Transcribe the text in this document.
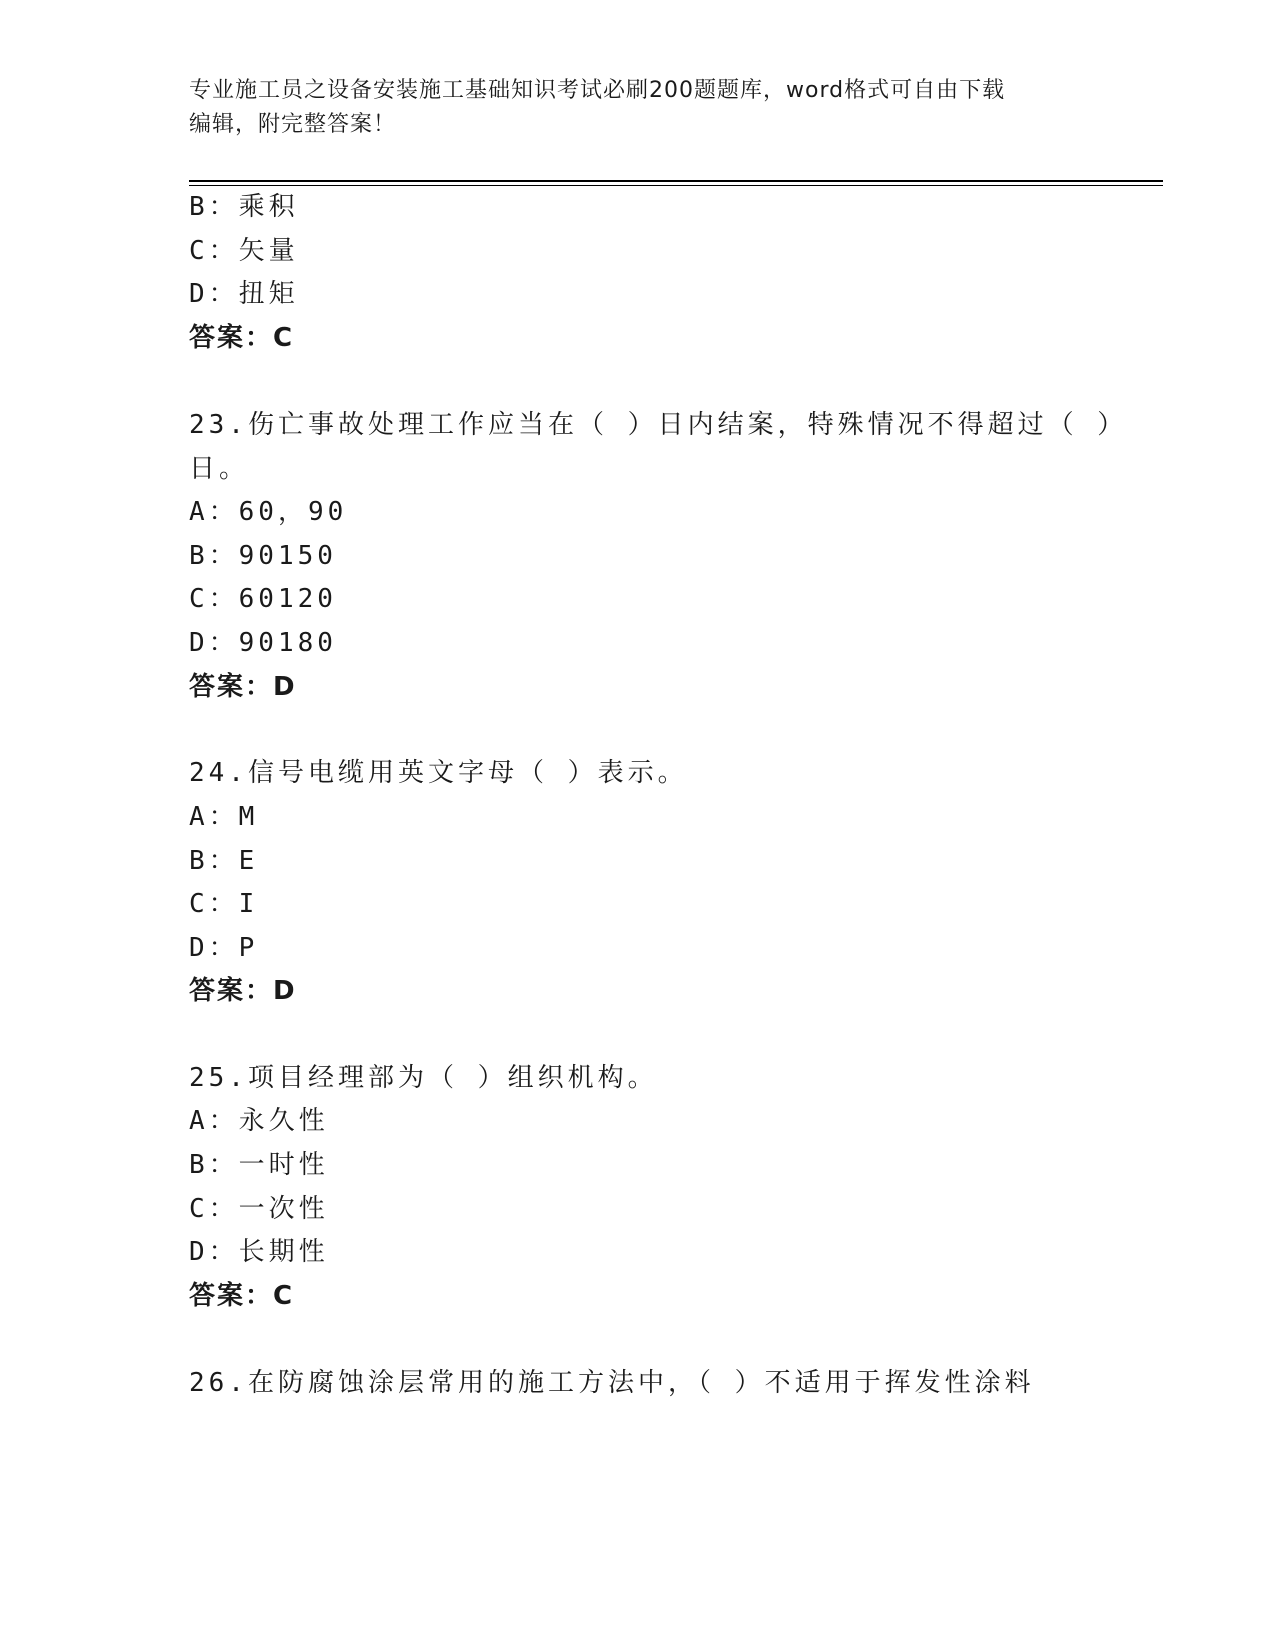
专业施工员之设备安装施工基础知识考试必刷200题题库，word格式可自由下载
编辑，附完整答案！
B：乘积
C：矢量
D：扭矩
答案：C
23.伤亡事故处理工作应当在（ ）日内结案，特殊情况不得超过（ ）
日。
A：60，90
B：90150
C：60120
D：90180
答案：D
24.信号电缆用英文字母（ ）表示。
A：M
B：E
C：I
D：P
答案：D
25.项目经理部为（ ）组织机构。
A：永久性
B：一时性
C：一次性
D：长期性
答案：C
26.在防腐蚀涂层常用的施工方法中，（ ）不适用于挥发性涂料
